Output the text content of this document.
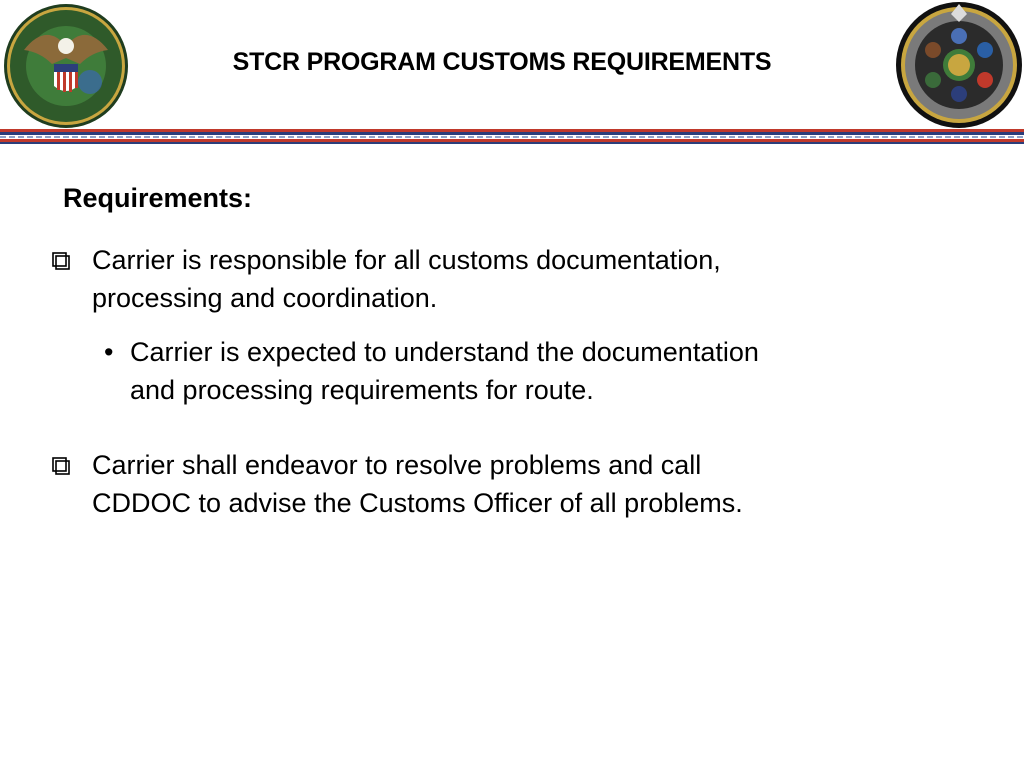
STCR PROGRAM CUSTOMS REQUIREMENTS
Requirements:
Carrier is responsible for all customs documentation,
processing and coordination.
• Carrier is expected to understand the documentation
and processing requirements for route.
Carrier shall endeavor to resolve problems and call
CDDOC to advise the Customs Officer of all problems.
